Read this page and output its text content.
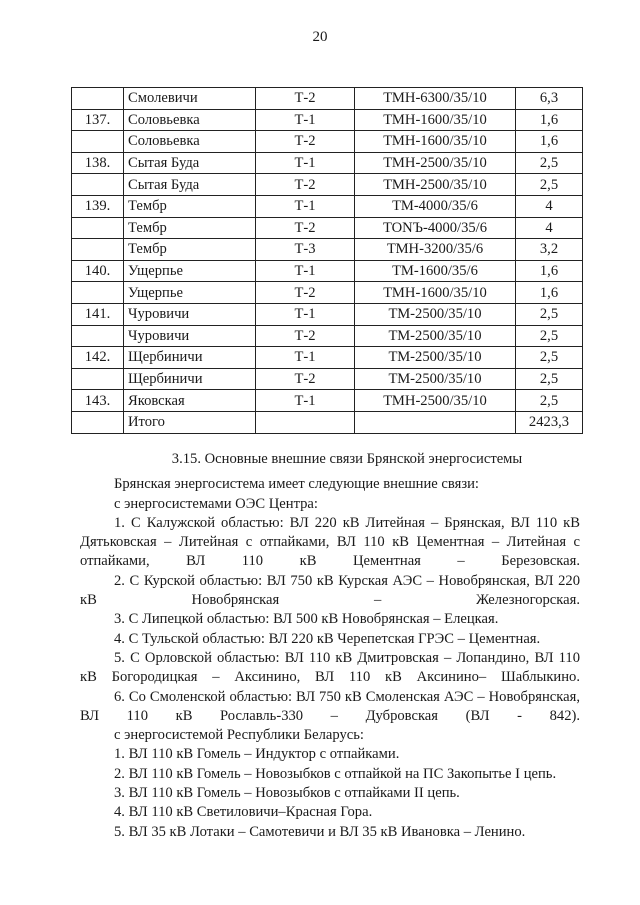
20
	Смолевичи	Т-2	ТМН-6300/35/10	6,3
137.	Соловьевка	Т-1	ТМН-1600/35/10	1,6
	Соловьевка	Т-2	ТМН-1600/35/10	1,6
138.	Сытая Буда	Т-1	ТМН-2500/35/10	2,5
	Сытая Буда	Т-2	ТМН-2500/35/10	2,5
139.	Тембр	Т-1	ТМ-4000/35/6	4
	Тембр	Т-2	TONЪ-4000/35/6	4
	Тембр	Т-3	ТМН-3200/35/6	3,2
140.	Ущерпье	Т-1	ТМ-1600/35/6	1,6
	Ущерпье	Т-2	ТМН-1600/35/10	1,6
141.	Чуровичи	Т-1	ТМ-2500/35/10	2,5
	Чуровичи	Т-2	ТМ-2500/35/10	2,5
142.	Щербиничи	Т-1	ТМ-2500/35/10	2,5
	Щербиничи	Т-2	ТМ-2500/35/10	2,5
143.	Яковская	Т-1	ТМН-2500/35/10	2,5
	Итого			2423,3
3.15. Основные внешние связи Брянской энергосистемы
Брянская энергосистема имеет следующие внешние связи:
с энергосистемами ОЭС Центра:
1. С Калужской областью: ВЛ 220 кВ Литейная – Брянская, ВЛ 110 кВ Дятьковская – Литейная с отпайками, ВЛ 110 кВ Цементная – Литейная с отпайками, ВЛ 110 кВ Цементная – Березовская.
2. С Курской областью: ВЛ 750 кВ Курская АЭС – Новобрянская, ВЛ 220 кВ Новобрянская – Железногорская.
3. С Липецкой областью: ВЛ 500 кВ Новобрянская – Елецкая.
4. С Тульской областью: ВЛ 220 кВ Черепетская ГРЭС – Цементная.
5. С Орловской областью: ВЛ 110 кВ Дмитровская – Лопандино, ВЛ 110 кВ Богородицкая – Аксинино, ВЛ 110 кВ Аксинино– Шаблыкино.
6. Со Смоленской областью: ВЛ 750 кВ Смоленская АЭС – Новобрянская, ВЛ 110 кВ Рославль-330 – Дубровская (ВЛ - 842).
с энергосистемой Республики Беларусь:
1. ВЛ 110 кВ Гомель – Индуктор с отпайками.
2. ВЛ 110 кВ Гомель – Новозыбков с отпайкой на ПС Закопытье I цепь.
3. ВЛ 110 кВ Гомель – Новозыбков с отпайками II цепь.
4. ВЛ 110 кВ Светиловичи–Красная Гора.
5. ВЛ 35 кВ Лотаки – Самотевичи и ВЛ 35 кВ Ивановка – Ленино.
